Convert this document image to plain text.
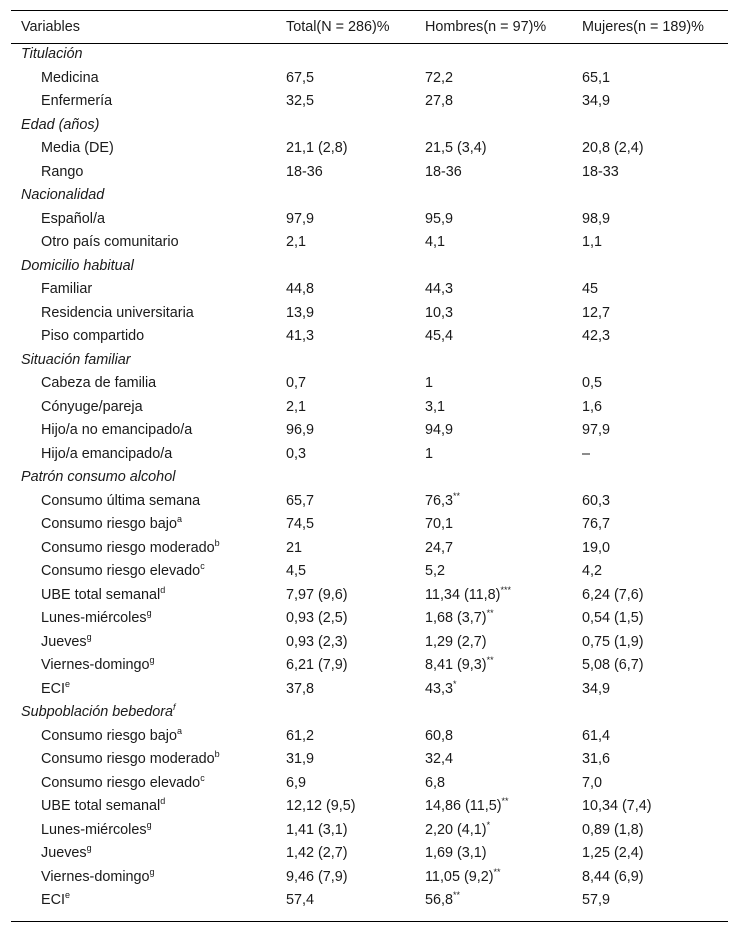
Variables	Total(N = 286)% Hombres(n = 97)% Mujeres(n = 189)%
Titulación
Medicina	67,5	72,2	65,1
Enfermería	32,5	27,8	34,9
Edad (años)
Media (DE)	21,1 (2,8)	21,5 (3,4)	20,8 (2,4)
Rango	18-36	18-36	18-33
Nacionalidad
Español/a	97,9	95,9	98,9
Otro país comunitario	2,1	4,1	1,1
Domicilio habitual
Familiar	44,8	44,3	45
Residencia universitaria	13,9	10,3	12,7
Piso compartido	41,3	45,4	42,3
Situación familiar
Cabeza de familia	0,7	1	0,5
Cónyuge/pareja	2,1	3,1	1,6
Hijo/a no emancipado/a	96,9	94,9	97,9
Hijo/a emancipado/a	0,3	1	–
Patrón consumo alcohol
Consumo última semana	65,7	76,3**	60,3
Consumo riesgo bajo$^a$	74,5	70,1	76,7
Consumo riesgo moderado$^b$	21	24,7	19,0
Consumo riesgo elevado$^c$	4,5	5,2	4,2
UBE total semanal$^d$	7,97 (9,6)	11,34 (11,8)***	6,24 (7,6)
Lunes-miércoles$^g$	0,93 (2,5)	1,68 (3,7)**	0,54 (1,5)
Jueves$^g$	0,93 (2,3)	1,29 (2,7)	0,75 (1,9)
Viernes-domingo$^g$	6,21 (7,9)	8,41 (9,3)**	5,08 (6,7)
ECI$^e$	37,8	43,3*	34,9
Subpoblación bebedora$^f$
Consumo riesgo bajo$^a$	61,2	60,8	61,4
Consumo riesgo moderado$^b$	31,9	32,4	31,6
Consumo riesgo elevado$^c$	6,9	6,8	7,0
UBE total semanal$^d$	12,12 (9,5)	14,86 (11,5)**	10,34 (7,4)
Lunes-miércoles$^g$	1,41 (3,1)	2,20 (4,1)*	0,89 (1,8)
Jueves$^g$	1,42 (2,7)	1,69 (3,1)	1,25 (2,4)
Viernes-domingo$^g$	9,46 (7,9)	11,05 (9,2)**	8,44 (6,9)
ECI$^e$	57,4	56,8**	57,9
